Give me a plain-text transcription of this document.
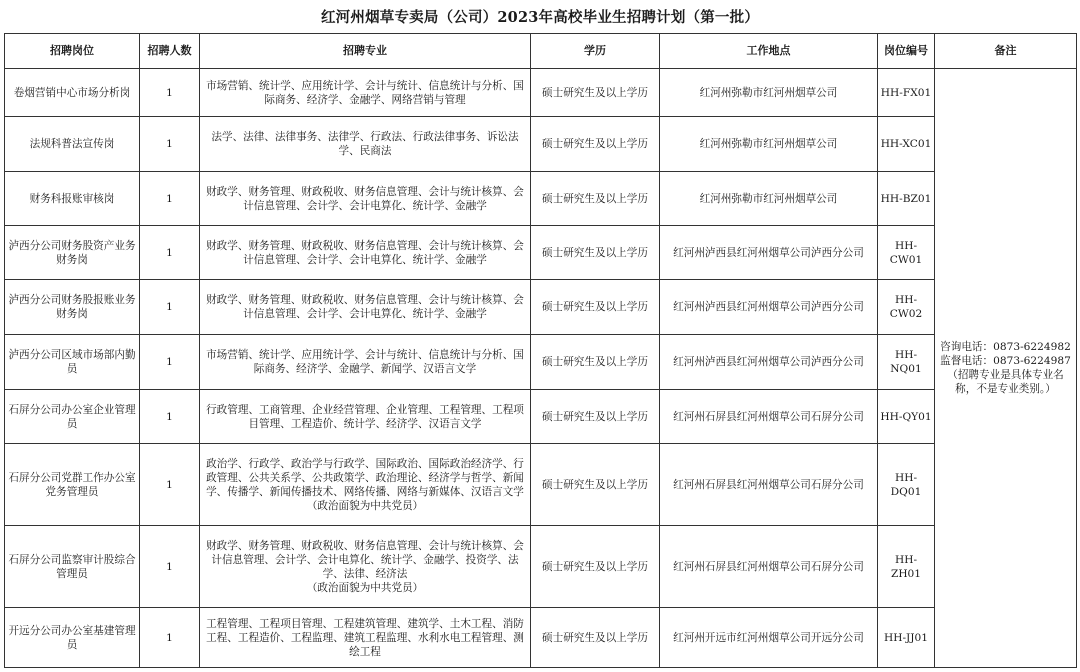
红河州烟草专卖局（公司）2023年高校毕业生招聘计划（第一批）
招聘岗位	招聘人数	招聘专业	学历	工作地点	岗位编号	备注
卷烟营销中心市场分析岗	1	市场营销、统计学、应用统计学、会计与统计、信息统计与分析、国际商务、经济学、金融学、网络营销与管理	硕士研究生及以上学历	红河州弥勒市红河州烟草公司	HH-FX01	咨询电话：0873-6224982
监督电话：0873-6224987
（招聘专业是具体专业名称，不是专业类别。）

法规科普法宣传岗	1	法学、法律、法律事务、法律学、行政法、行政法律事务、诉讼法学、民商法	硕士研究生及以上学历	红河州弥勒市红河州烟草公司	HH-XC01	
财务科报账审核岗	1	财政学、财务管理、财政税收、财务信息管理、会计与统计核算、会计信息管理、会计学、会计电算化、统计学、金融学	硕士研究生及以上学历	红河州弥勒市红河州烟草公司	HH-BZ01	
泸西分公司财务股资产业务财务岗	1	财政学、财务管理、财政税收、财务信息管理、会计与统计核算、会计信息管理、会计学、会计电算化、统计学、金融学	硕士研究生及以上学历	红河州泸西县红河州烟草公司泸西分公司	HH-CW01	
泸西分公司财务股报账业务财务岗	1	财政学、财务管理、财政税收、财务信息管理、会计与统计核算、会计信息管理、会计学、会计电算化、统计学、金融学	硕士研究生及以上学历	红河州泸西县红河州烟草公司泸西分公司	HH-CW02	
泸西分公司区域市场部内勤员	1	市场营销、统计学、应用统计学、会计与统计、信息统计与分析、国际商务、经济学、金融学、新闻学、汉语言文学	硕士研究生及以上学历	红河州泸西县红河州烟草公司泸西分公司	HH-NQ01	
石屏分公司办公室企业管理员	1	行政管理、工商管理、企业经营管理、企业管理、工程管理、工程项目管理、工程造价、统计学、经济学、汉语言文学	硕士研究生及以上学历	红河州石屏县红河州烟草公司石屏分公司	HH-QY01	
石屏分公司党群工作办公室党务管理员	1	政治学、行政学、政治学与行政学、国际政治、国际政治经济学、行政管理、公共关系学、公共政策学、政治理论、经济学与哲学、新闻学、传播学、新闻传播技术、网络传播、网络与新媒体、汉语言文学
（政治面貌为中共党员）	硕士研究生及以上学历	红河州石屏县红河州烟草公司石屏分公司	HH-DQ01	
石屏分公司监察审计股综合管理员	1	财政学、财务管理、财政税收、财务信息管理、会计与统计核算、会计信息管理、会计学、会计电算化、统计学、金融学、投资学、法学、法律、经济法
（政治面貌为中共党员）	硕士研究生及以上学历	红河州石屏县红河州烟草公司石屏分公司	HH-ZH01	
开远分公司办公室基建管理员	1	工程管理、工程项目管理、工程建筑管理、建筑学、土木工程、消防工程、工程造价、工程监理、建筑工程监理、水利水电工程管理、测绘工程	硕士研究生及以上学历	红河州开远市红河州烟草公司开远分公司	HH-JJ01	
